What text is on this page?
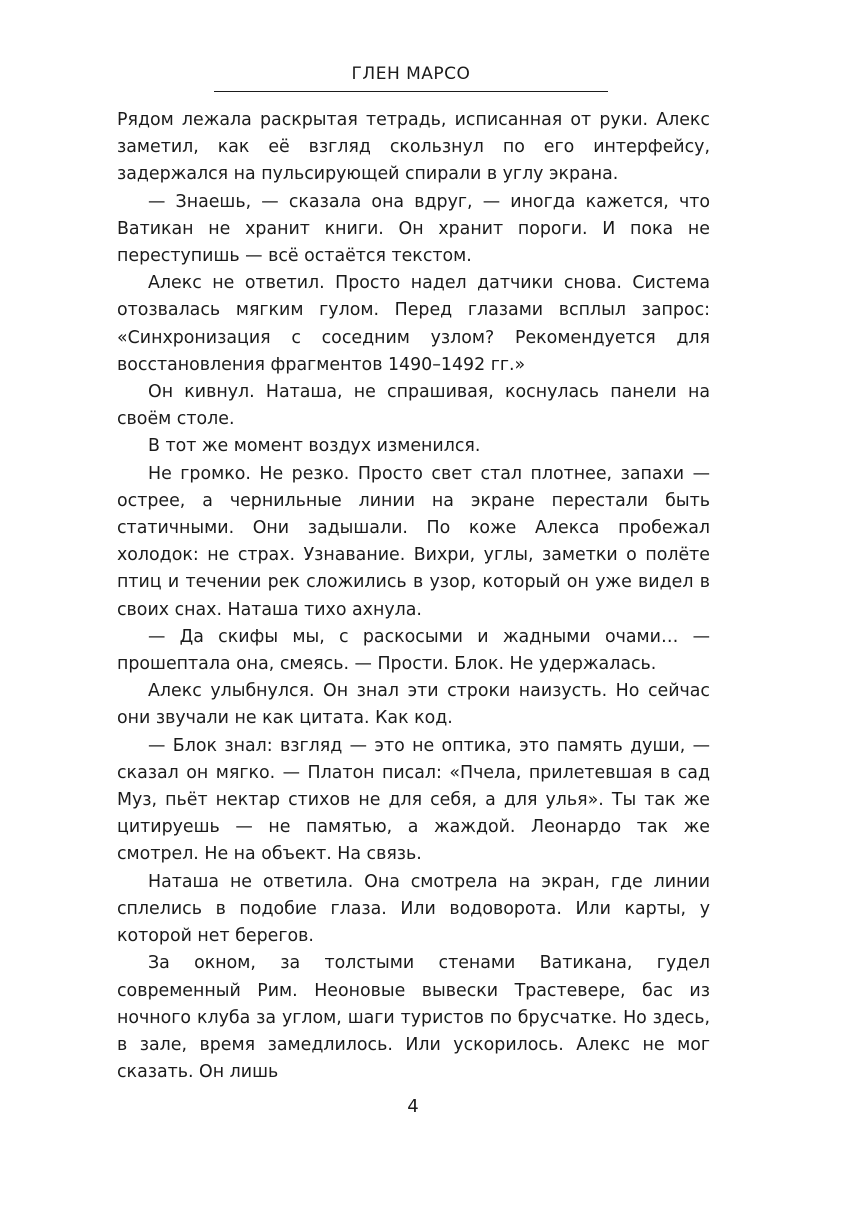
ГЛЕН МАРСО

Рядом лежала раскрытая тетрадь, исписанная от руки. Алекс заметил, как её взгляд скользнул по его интерфейсу, задержался на пульсирующей спирали в углу экрана.

— Знаешь, — сказала она вдруг, — иногда кажется, что Ватикан не хранит книги. Он хранит пороги. И пока не переступишь — всё остаётся текстом.

Алекс не ответил. Просто надел датчики снова. Система отозвалась мягким гулом. Перед глазами всплыл запрос: «Синхронизация с соседним узлом? Рекомендуется для восстановления фрагментов 1490–1492 гг.»

Он кивнул. Наташа, не спрашивая, коснулась панели на своём столе.

В тот же момент воздух изменился.

Не громко. Не резко. Просто свет стал плотнее, запахи — острее, а чернильные линии на экране перестали быть статичными. Они задышали. По коже Алекса пробежал холодок: не страх. Узнавание. Вихри, углы, заметки о полёте птиц и течении рек сложились в узор, который он уже видел в своих снах. Наташа тихо ахнула.

— Да скифы мы, с раскосыми и жадными очами… — прошептала она, смеясь. — Прости. Блок. Не удержалась.

Алекс улыбнулся. Он знал эти строки наизусть. Но сейчас они звучали не как цитата. Как код.

— Блок знал: взгляд — это не оптика, это память души, — сказал он мягко. — Платон писал: «Пчела, прилетевшая в сад Муз, пьёт нектар стихов не для себя, а для улья». Ты так же цитируешь — не памятью, а жаждой. Леонардо так же смотрел. Не на объект. На связь.

Наташа не ответила. Она смотрела на экран, где линии сплелись в подобие глаза. Или водоворота. Или карты, у которой нет берегов.

За окном, за толстыми стенами Ватикана, гудел современный Рим. Неоновые вывески Трастевере, бас из ночного клуба за углом, шаги туристов по брусчатке. Но здесь, в зале, время замедлилось. Или ускорилось. Алекс не мог сказать. Он лишь

4
